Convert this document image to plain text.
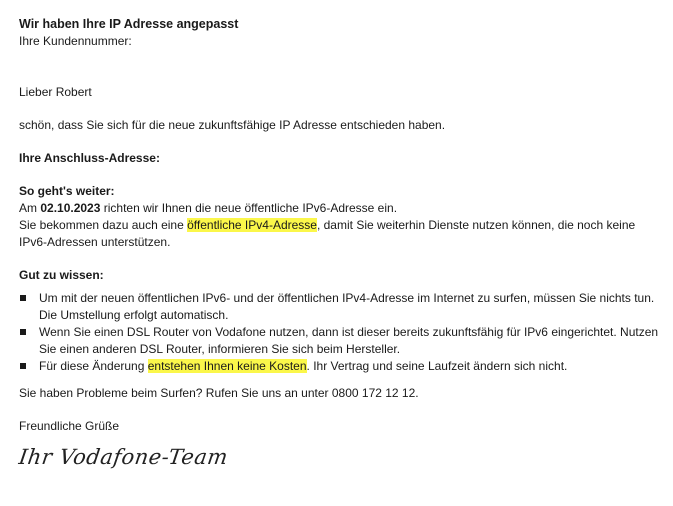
Wir haben Ihre IP Adresse angepasst

Ihre Kundennummer:

Lieber Robert

schön, dass Sie sich für die neue zukunftsfähige IP Adresse entschieden haben.

Ihre Anschluss-Adresse:

So geht's weiter:

Am 02.10.2023 richten wir Ihnen die neue öffentliche IPv6-Adresse ein.

Sie bekommen dazu auch eine öffentliche IPv4-Adresse, damit Sie weiterhin Dienste nutzen können, die noch keine IPv6-Adressen unterstützen.

Gut zu wissen:

Um mit der neuen öffentlichen IPv6- und der öffentlichen IPv4-Adresse im Internet zu surfen, müssen Sie nichts tun. Die Umstellung erfolgt automatisch.
Wenn Sie einen DSL Router von Vodafone nutzen, dann ist dieser bereits zukunftsfähig für IPv6 eingerichtet. Nutzen Sie einen anderen DSL Router, informieren Sie sich beim Hersteller.
Für diese Änderung entstehen Ihnen keine Kosten. Ihr Vertrag und seine Laufzeit ändern sich nicht.

Sie haben Probleme beim Surfen? Rufen Sie uns an unter 0800 172 12 12.

Freundliche Grüße

Ihr Vodafone-Team
